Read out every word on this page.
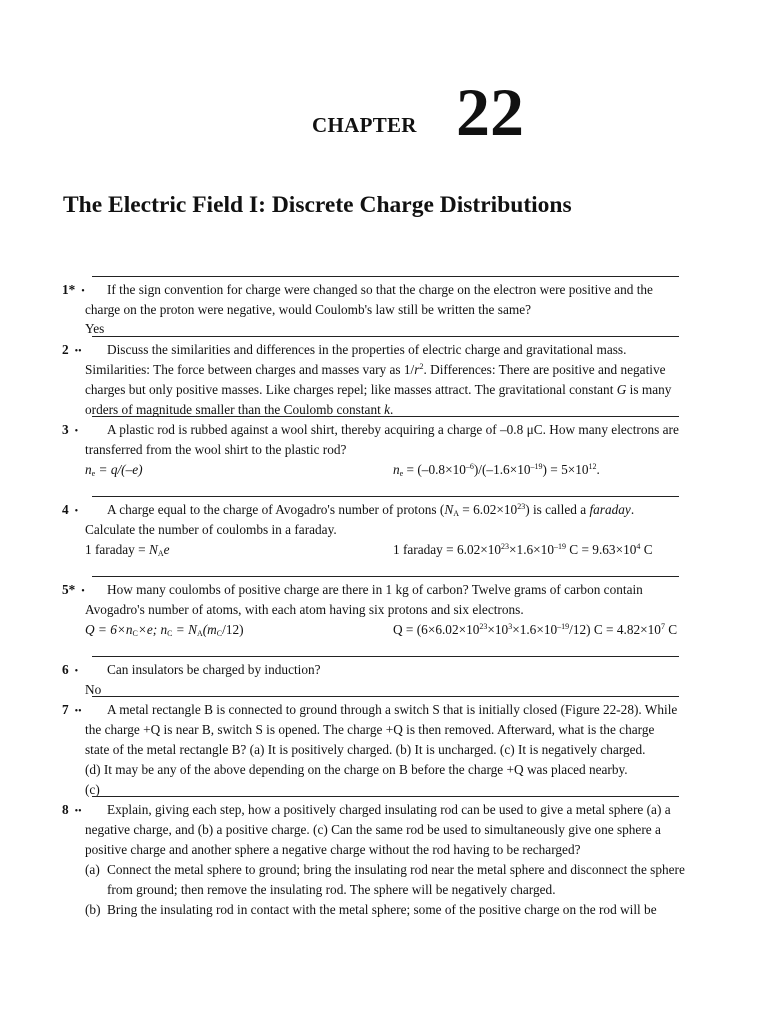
CHAPTER 22
The Electric Field I: Discrete Charge Distributions
1* • If the sign convention for charge were changed so that the charge on the electron were positive and the
charge on the proton were negative, would Coulomb's law still be written the same?
Yes
2 •• Discuss the similarities and differences in the properties of electric charge and gravitational mass.
Similarities: The force between charges and masses vary as $1/r^2$. Differences: There are positive and negative
charges but only positive masses. Like charges repel; like masses attract. The gravitational constant G is many
orders of magnitude smaller than the Coulomb constant k.
3 • A plastic rod is rubbed against a wool shirt, thereby acquiring a charge of –0.8 μC. How many electrons are
transferred from the wool shirt to the plastic rod?
$n_e = q/(-e)$	$n_e = (-0.8\times 10^{-6})/(-1.6\times 10^{-19}) = 5\times 10^{12}$.
4 • A charge equal to the charge of Avogadro's number of protons $(N_A = 6.02\times 10^{23})$ is called a faraday.
Calculate the number of coulombs in a faraday.
1 faraday = $N_Ae$	1 faraday = $6.02\times 10^{23}\times 1.6\times 10^{-19}$ $C = 9.63\times 10^4$ C
5* • How many coulombs of positive charge are there in 1 kg of carbon? Twelve grams of carbon contain
Avogadro's number of atoms, with each atom having six protons and six electrons.
$Q = 6\times n_C\times e$; $n_C = N_A(m_C/12)$	$Q = (6\times 6.02\times 10^{23}\times 10^3\times 1.6\times 10^{-19}/12) C = 4.82\times 10^7$ C
6 • Can insulators be charged by induction?
No
7 •• A metal rectangle B is connected to ground through a switch S that is initially closed (Figure 22-28). While
the charge +Q is near B, switch S is opened. The charge +Q is then removed. Afterward, what is the charge
state of the metal rectangle B? (a) It is positively charged. (b) It is uncharged. (c) It is negatively charged.
(d) It may be any of the above depending on the charge on B before the charge +Q was placed nearby.
(c)
8 •• Explain, giving each step, how a positively charged insulating rod can be used to give a metal sphere (a) a
negative charge, and (b) a positive charge. (c) Can the same rod be used to simultaneously give one sphere a
positive charge and another sphere a negative charge without the rod having to be recharged?
(a) Connect the metal sphere to ground; bring the insulating rod near the metal sphere and disconnect the sphere
from ground; then remove the insulating rod. The sphere will be negatively charged.
(b) Bring the insulating rod in contact with the metal sphere; some of the positive charge on the rod will be
